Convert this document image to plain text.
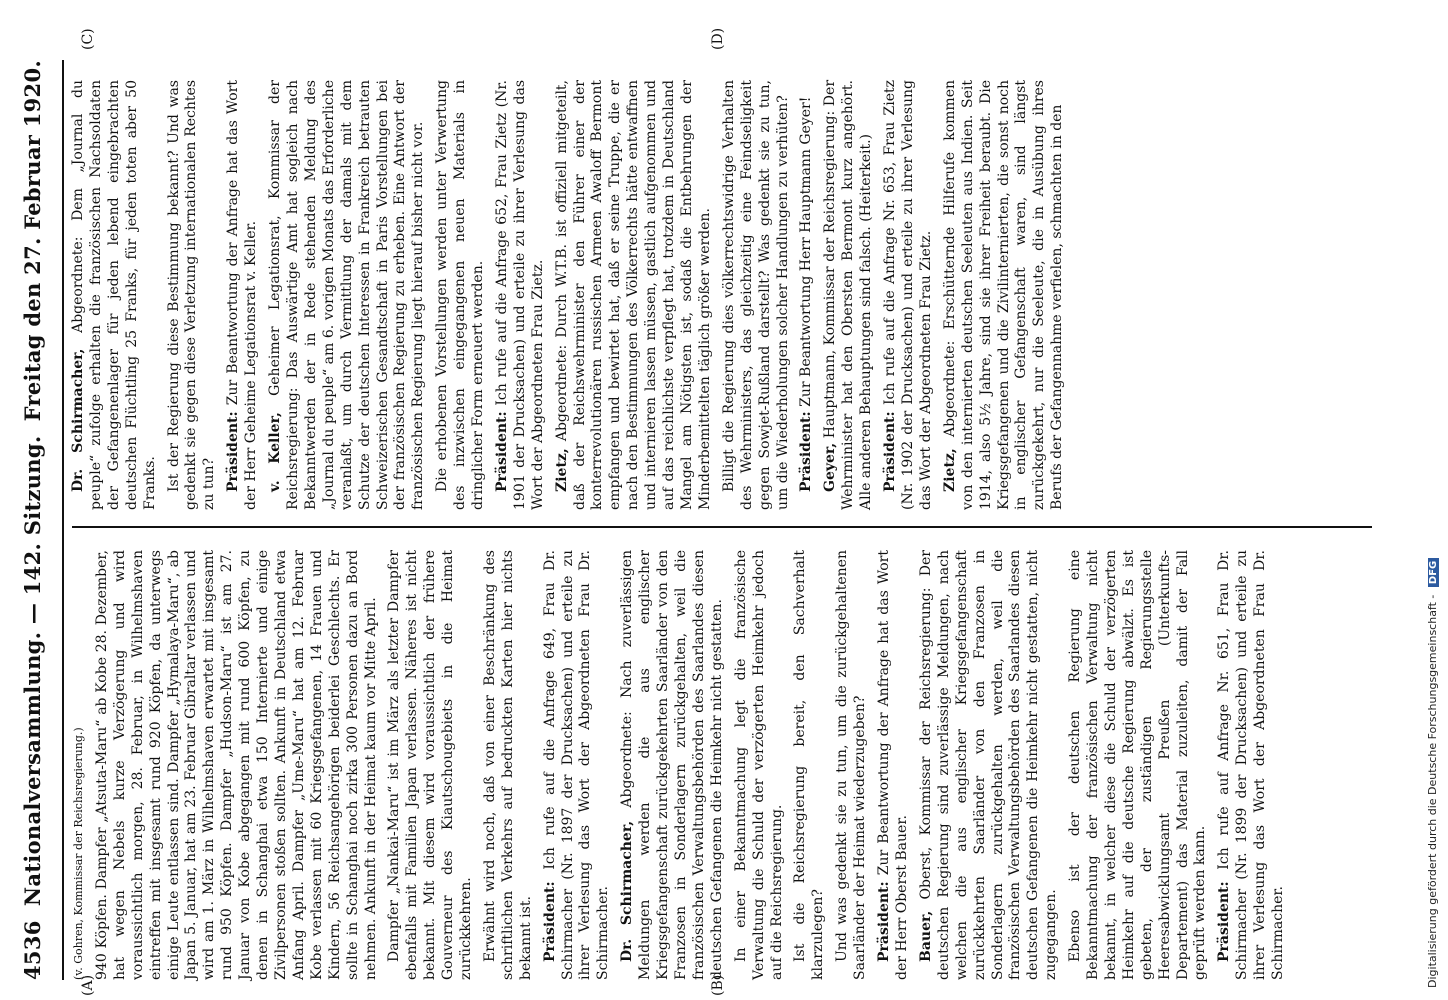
4536
Nationalversammlung. — 142. Sitzung.
Freitag den 27. Februar 1920.
(A)	(B)
(C)	(D)

(v. Gohren, Kommissar der Reichsregierung.) 940 Köpfen. Dampfer „Atsuta-Maru“ ab Kobe 28. Dezember, hat wegen Nebels kurze Verzögerung und wird voraussichtlich morgen, 28. Februar, in Wilhelmshaven eintreffen mit insgesamt rund 920 Köpfen, da unterwegs einige Leute entlassen sind. Dampfer „Hymalaya-Maru“, ab Japan 5. Januar, hat am 23. Februar Gibraltar verlassen und wird am 1. März in Wilhelmshaven erwartet mit insgesamt rund 950 Köpfen. Dampfer „Hudson-Maru“ ist am 27. Januar von Kobe abgegangen mit rund 600 Köpfen, zu denen in Schanghai etwa 150 Internierte und einige Zivilpersonen stoßen sollten. Ankunft in Deutschland etwa Anfang April. Dampfer „Ume-Maru“ hat am 12. Februar Kobe verlassen mit 60 Kriegsgefangenen, 14 Frauen und Kindern, 56 Reichsangehörigen beiderlei Geschlechts. Er sollte in Schanghai noch zirka 300 Personen dazu an Bord nehmen. Ankunft in der Heimat kaum vor Mitte April. Dampfer „Nankai-Maru“ ist im März als letzter Dampfer ebenfalls mit Familien Japan verlassen. Näheres ist nicht bekannt. Mit diesem wird voraussichtlich der frühere Gouverneur des Kiautschougebiets in die Heimat zurückkehren. Erwähnt wird noch, daß von einer Beschränkung des schriftlichen Verkehrs auf bedruckten Karten hier nichts bekannt ist. Präsident: Ich rufe auf die Anfrage 649, Frau Dr. Schirmacher (Nr. 1897 der Drucksachen) und erteile zu ihrer Verlesung das Wort der Abgeordneten Frau Dr. Schirmacher. Dr. Schirmacher, Abgeordnete: Nach zuverlässigen Meldungen werden die aus englischer Kriegsgefangenschaft zurückgekehrten Saarländer von den Franzosen in Sonderlagern zurückgehalten, weil die französischen Verwaltungsbehörden des Saarlandes diesen deutschen Gefangenen die Heimkehr nicht gestatten. In einer Bekanntmachung legt die französische Verwaltung die Schuld der verzögerten Heimkehr jedoch auf die Reichsregierung. Ist die Reichsregierung bereit, den Sachverhalt klarzulegen? Und was gedenkt sie zu tun, um die zurückgehaltenen Saarländer der Heimat wiederzugeben? Präsident: Zur Beantwortung der Anfrage hat das Wort der Herr Oberst Bauer. Bauer, Oberst, Kommissar der Reichsregierung: Der deutschen Regierung sind zuverlässige Meldungen, nach welchen die aus englischer Kriegsgefangenschaft zurückkehrten Saarländer von den Franzosen in Sonderlagern zurückgehalten werden, weil die französischen Verwaltungsbehörden des Saarlandes diesen deutschen Gefangenen die Heimkehr nicht gestatten, nicht zugegangen. Ebenso ist der deutschen Regierung eine Bekanntmachung der französischen Verwaltung nicht bekannt, in welcher diese die Schuld der verzögerten Heimkehr auf die deutsche Regierung abwälzt. Es ist gebeten, der zuständigen Regierungsstelle Heeresabwicklungsamt Preußen (Unterkunfts-Departement) das Material zuzuleiten, damit der Fall geprüft werden kann. Präsident: Ich rufe auf Anfrage Nr. 651, Frau Dr. Schirmacher (Nr. 1899 der Drucksachen) und erteile zu ihrer Verlesung das Wort der Abgeordneten Frau Dr. Schirmacher.

Dr. Schirmacher, Abgeordnete: Dem „Journal du peuple“ zufolge erhalten die französischen Nachsoldaten der Gefangenenlager für jeden lebend eingebrachten deutschen Flüchtling 25 Franks, für jeden toten aber 50 Franks. Ist der Regierung diese Bestimmung bekannt? Und was gedenkt sie gegen diese Verletzung internationalen Rechtes zu tun? Präsident: Zur Beantwortung der Anfrage hat das Wort der Herr Geheime Legationsrat v. Keller. v. Keller, Geheimer Legationsrat, Kommissar der Reichsregierung: Das Auswärtige Amt hat sogleich nach Bekanntwerden der in Rede stehenden Meldung des „Journal du peuple“ am 6. vorigen Monats das Erforderliche veranlaßt, um durch Vermittlung der damals mit dem Schutze der deutschen Interessen in Frankreich betrauten Schweizerischen Gesandtschaft in Paris Vorstellungen bei der französischen Regierung zu erheben. Eine Antwort der französischen Regierung liegt hierauf bisher nicht vor. Die erhobenen Vorstellungen werden unter Verwertung des inzwischen eingegangenen neuen Materials in dringlicher Form erneuert werden. Präsident: Ich rufe auf die Anfrage 652, Frau Zietz (Nr. 1901 der Drucksachen) und erteile zu ihrer Verlesung das Wort der Abgeordneten Frau Zietz. Zietz, Abgeordnete: Durch W.T.B. ist offiziell mitgeteilt, daß der Reichswehrminister den Führer einer der konterrevolutionären russischen Armeen Awaloff Bermont empfangen und bewirtet hat, daß er seine Truppe, die er nach den Bestimmungen des Völkerrechts hätte entwaffnen und internieren lassen müssen, gastlich aufgenommen und auf das reichlichste verpflegt hat, trotzdem in Deutschland Mangel am Nötigsten ist, sodaß die Entbehrungen der Minderbemittelten täglich größer werden. Billigt die Regierung dies völkerrechtswidrige Verhalten des Wehrministers, das gleichzeitig eine Feindseligkeit gegen Sowjet-Rußland darstellt? Was gedenkt sie zu tun, um die Wiederholungen solcher Handlungen zu verhüten? Präsident: Zur Beantwortung Herr Hauptmann Geyer!

Geyer, Hauptmann, Kommissar der Reichsregierung: Der Wehrminister hat den Obersten Bermont kurz angehört. Alle anderen Behauptungen sind falsch. (Heiterkeit.)

Präsident: Ich rufe auf die Anfrage Nr. 653, Frau Zietz (Nr. 1902 der Drucksachen) und erteile zu ihrer Verlesung das Wort der Abgeordneten Frau Zietz. Zietz, Abgeordnete: Erschütternde Hilferufe kommen von den internierten deutschen Seeleuten aus Indien. Seit 1914, also 5½ Jahre, sind sie ihrer Freiheit beraubt. Die Kriegsgefangenen und die Zivilinternierten, die sonst noch in englischer Gefangenschaft waren, sind längst zurückgekehrt, nur die Seeleute, die in Ausübung ihres Berufs der Gefangennahme verfielen, schmachten in den

Digitalisierung gefördert durch die Deutsche Forschungsgemeinschaft - DFG
